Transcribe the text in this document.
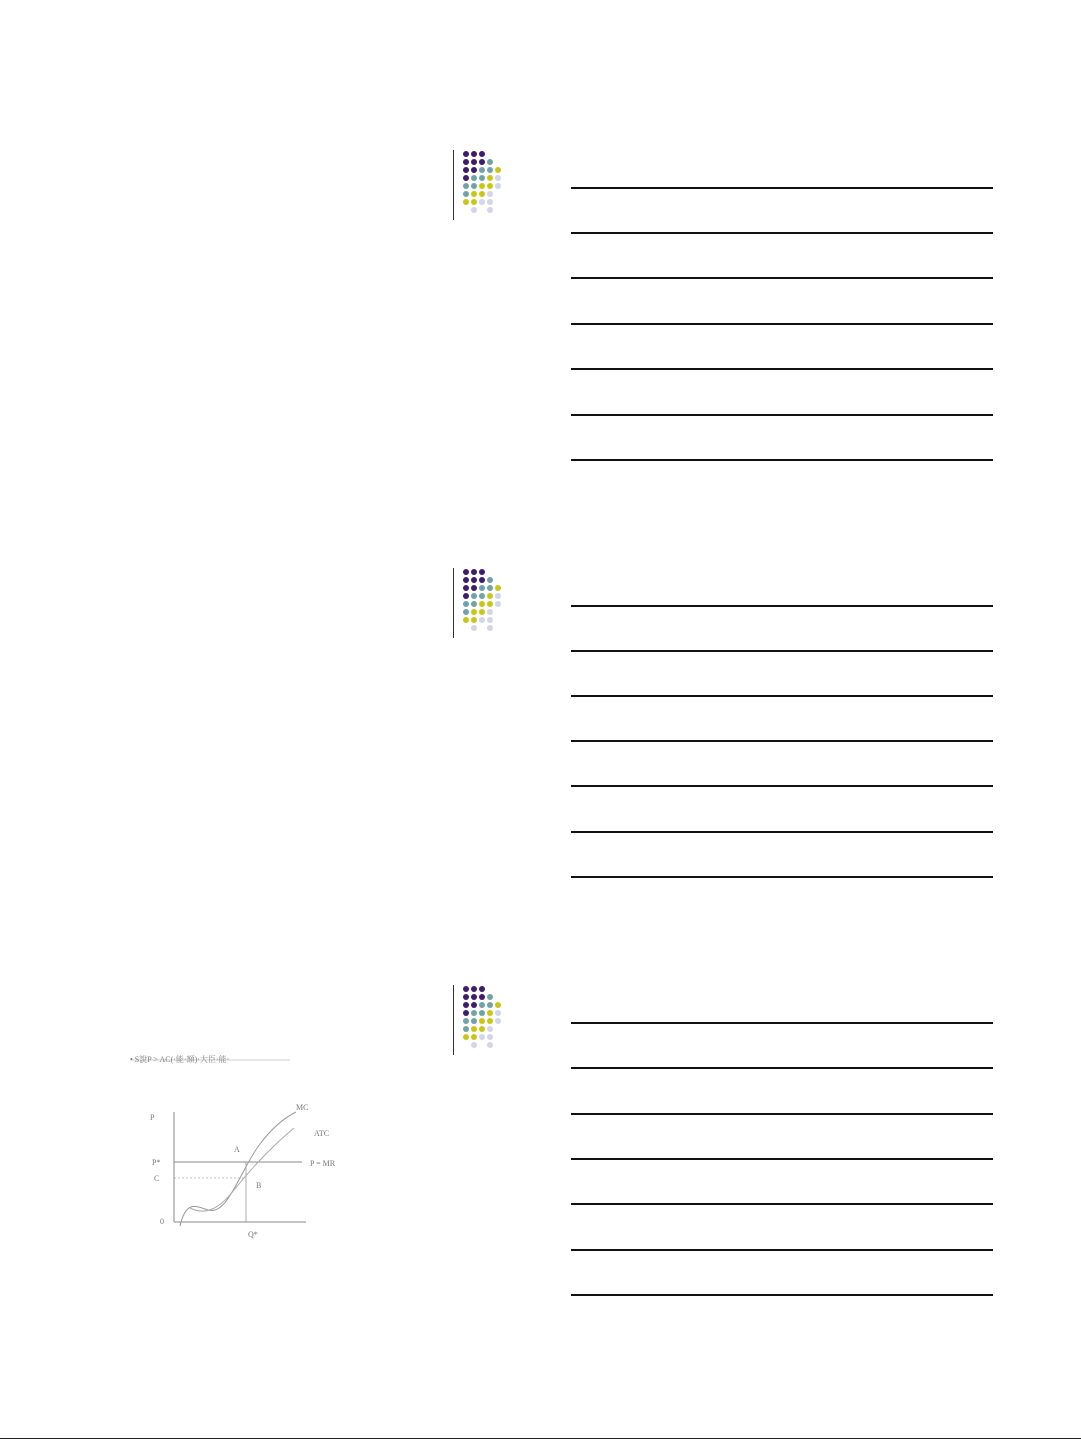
• S說P > AC(·能·額)·大臣·能·
P
MC
ATC
P = MR
P*
C
A
B
0
Q*
